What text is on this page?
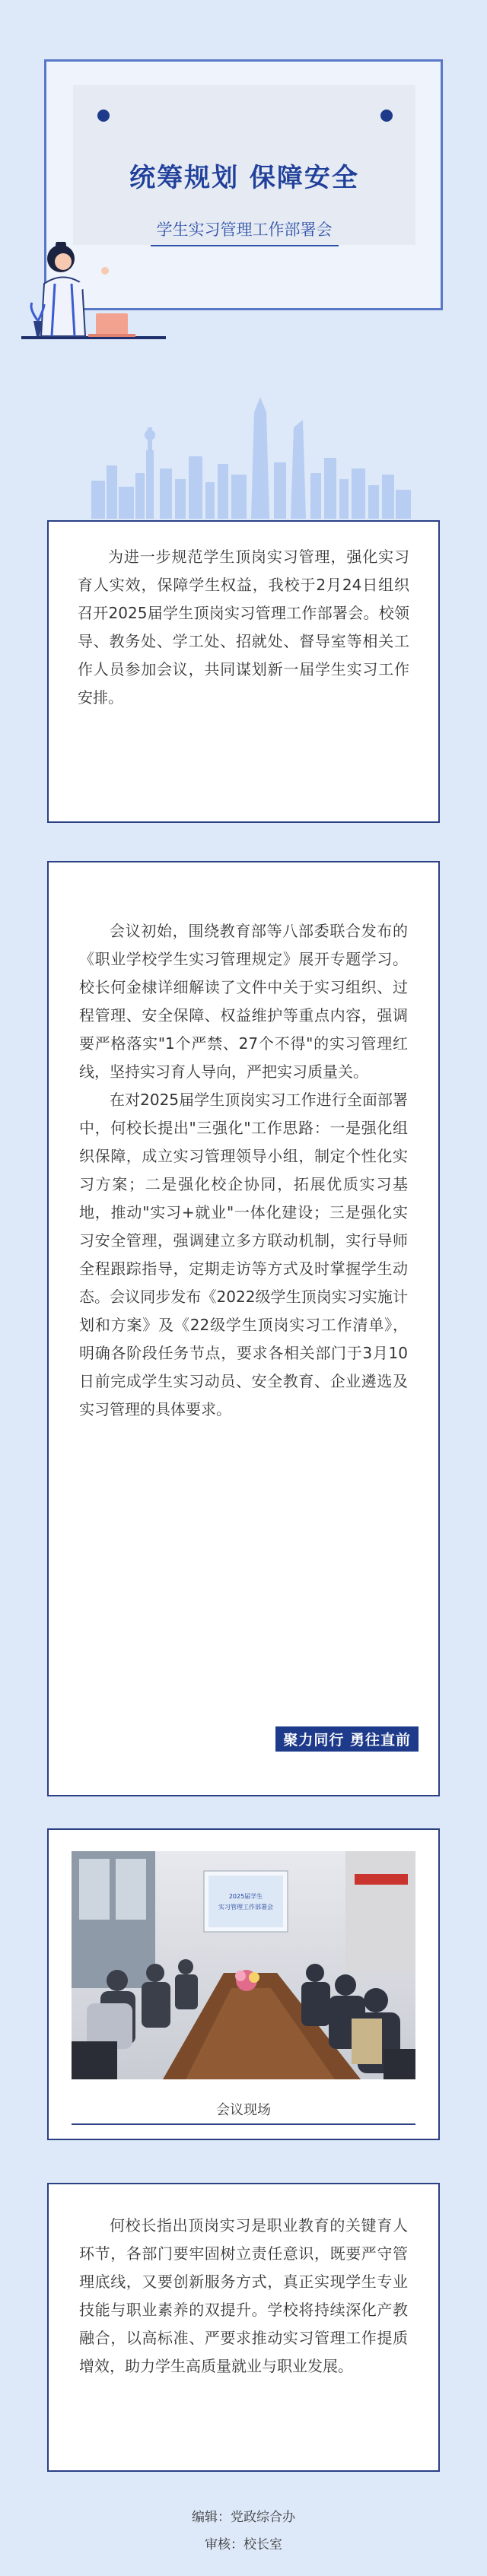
统筹规划 保障安全
学生实习管理工作部署会

为进一步规范学生顶岗实习管理，强化实习育人实效，保障学生权益，我校于2月24日组织召开2025届学生顶岗实习管理工作部署会。校领导、教务处、学工处、招就处、督导室等相关工作人员参加会议，共同谋划新一届学生实习工作安排。

会议初始，围绕教育部等八部委联合发布的《职业学校学生实习管理规定》展开专题学习。校长何金棣详细解读了文件中关于实习组织、过程管理、安全保障、权益维护等重点内容，强调要严格落实"1个严禁、27个不得"的实习管理红线，坚持实习育人导向，严把实习质量关。

在对2025届学生顶岗实习工作进行全面部署中，何校长提出"三强化"工作思路：一是强化组织保障，成立实习管理领导小组，制定个性化实习方案；二是强化校企协同，拓展优质实习基地，推动"实习+就业"一体化建设；三是强化实习安全管理，强调建立多方联动机制，实行导师全程跟踪指导，定期走访等方式及时掌握学生动态。会议同步发布《2022级学生顶岗实习实施计划和方案》及《22级学生顶岗实习工作清单》，明确各阶段任务节点，要求各相关部门于3月10日前完成学生实习动员、安全教育、企业遴选及实习管理的具体要求。

聚力同行 勇往直前
2025届学生
实习管理工作部署会
会议现场

何校长指出顶岗实习是职业教育的关键育人环节，各部门要牢固树立责任意识，既要严守管理底线，又要创新服务方式，真正实现学生专业技能与职业素养的双提升。学校将持续深化产教融合，以高标准、严要求推动实习管理工作提质增效，助力学生高质量就业与职业发展。

编辑：党政综合办
审核：校长室
